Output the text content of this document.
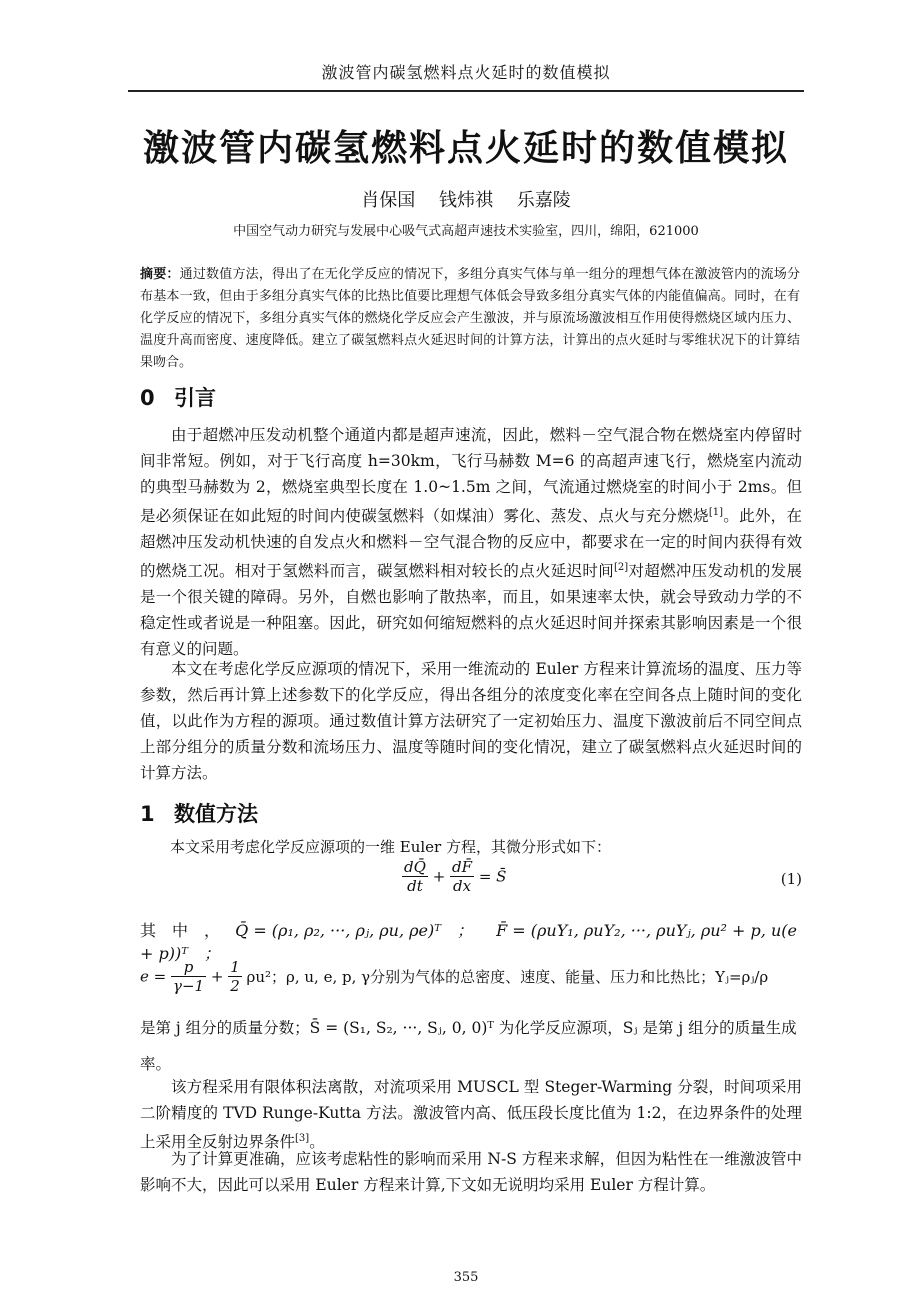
激波管内碳氢燃料点火延时的数值模拟
激波管内碳氢燃料点火延时的数值模拟
肖保国 钱炜祺 乐嘉陵
中国空气动力研究与发展中心吸气式高超声速技术实验室，四川，绵阳，621000
摘要：通过数值方法，得出了在无化学反应的情况下，多组分真实气体与单一组分的理想气体在激波管内的流场分布基本一致，但由于多组分真实气体的比热比值要比理想气体低会导致多组分真实气体的内能值偏高。同时，在有化学反应的情况下，多组分真实气体的燃烧化学反应会产生激波，并与原流场激波相互作用使得燃烧区域内压力、温度升高而密度、速度降低。建立了碳氢燃料点火延迟时间的计算方法，计算出的点火延时与零维状况下的计算结果吻合。
0 引言
由于超燃冲压发动机整个通道内都是超声速流，因此，燃料－空气混合物在燃烧室内停留时间非常短。例如，对于飞行高度 h=30km，飞行马赫数 M=6 的高超声速飞行，燃烧室内流动的典型马赫数为 2，燃烧室典型长度在 1.0~1.5m 之间，气流通过燃烧室的时间小于 2ms。但是必须保证在如此短的时间内使碳氢燃料（如煤油）雾化、蒸发、点火与充分燃烧[1]。此外，在超燃冲压发动机快速的自发点火和燃料－空气混合物的反应中，都要求在一定的时间内获得有效的燃烧工况。相对于氢燃料而言，碳氢燃料相对较长的点火延迟时间[2]对超燃冲压发动机的发展是一个很关键的障碍。另外，自燃也影响了散热率，而且，如果速率太快，就会导致动力学的不稳定性或者说是一种阻塞。因此，研究如何缩短燃料的点火延迟时间并探索其影响因素是一个很有意义的问题。
本文在考虑化学反应源项的情况下，采用一维流动的 Euler 方程来计算流场的温度、压力等参数，然后再计算上述参数下的化学反应，得出各组分的浓度变化率在空间各点上随时间的变化值，以此作为方程的源项。通过数值计算方法研究了一定初始压力、温度下激波前后不同空间点上部分组分的质量分数和流场压力、温度等随时间的变化情况，建立了碳氢燃料点火延迟时间的计算方法。
1 数值方法
本文采用考虑化学反应源项的一维 Euler 方程，其微分形式如下：
$\frac{dQ̄}{dt} + \frac{dF̄}{dx}$ = S̄	(1)
其　中　， Q̄ = (ρ₁, ρ₂, ···, ρⱼ, ρu, ρe)ᵀ　； F̄ = (ρuY₁, ρuY₂, ···, ρuYⱼ, ρu² + p, u(e + p))ᵀ　；
$e = \frac{p}{\gamma-1} + \frac{1}{2} \rho u^2$；ρ, u, e, p, γ分别为气体的总密度、速度、能量、压力和比热比；Yⱼ=ρⱼ/ρ
是第 j 组分的质量分数；S̄ = (S₁, S₂, ···, Sⱼ, 0, 0)ᵀ 为化学反应源项，Sⱼ 是第 j 组分的质量生成
率。
该方程采用有限体积法离散，对流项采用 MUSCL 型 Steger-Warming 分裂，时间项采用二阶精度的 TVD Runge-Kutta 方法。激波管内高、低压段长度比值为 1:2，在边界条件的处理上采用全反射边界条件[3]。
为了计算更准确，应该考虑粘性的影响而采用 N-S 方程来求解，但因为粘性在一维激波管中影响不大，因此可以采用 Euler 方程来计算,下文如无说明均采用 Euler 方程计算。
355
